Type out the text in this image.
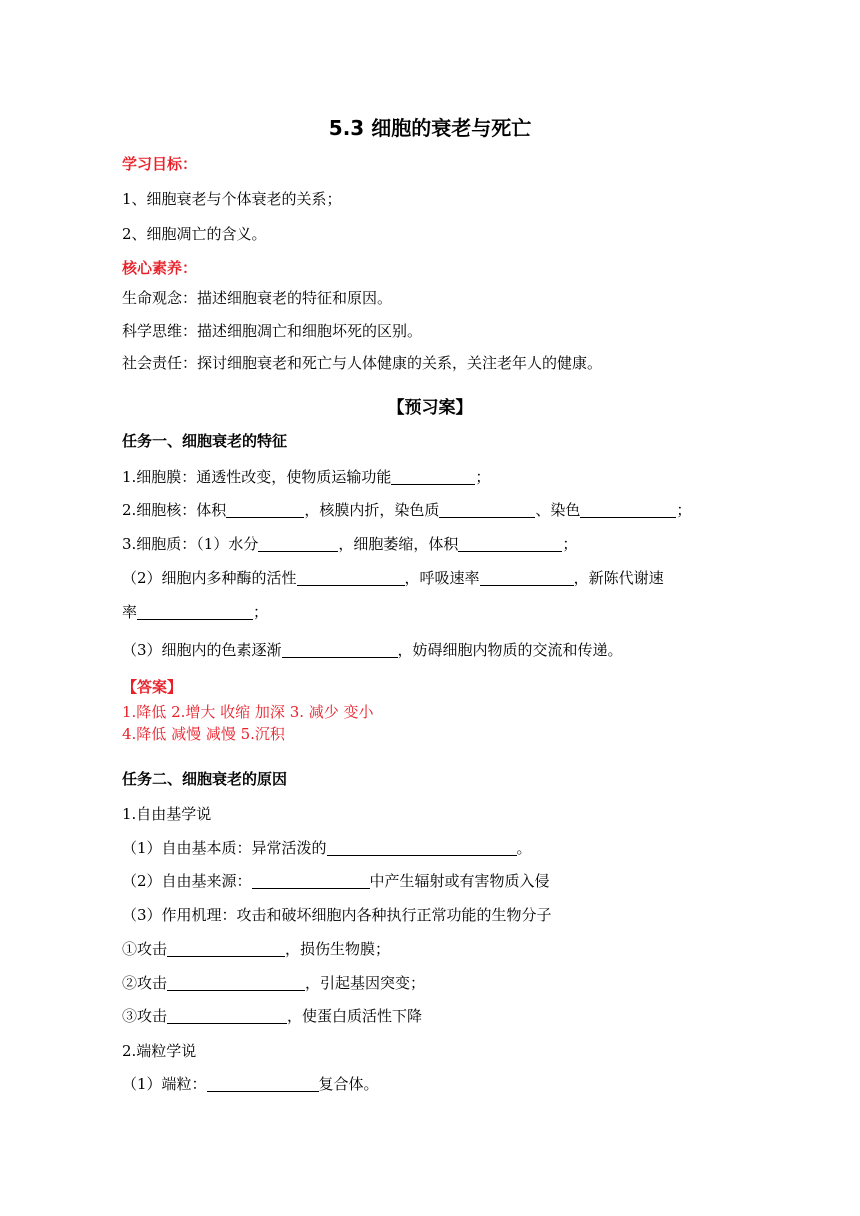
5.3 细胞的衰老与死亡
学习目标：
1、细胞衰老与个体衰老的关系；
2、细胞凋亡的含义。
核心素养：
生命观念：描述细胞衰老的特征和原因。
科学思维：描述细胞凋亡和细胞坏死的区别。
社会责任：探讨细胞衰老和死亡与人体健康的关系，关注老年人的健康。
【预习案】
任务一、细胞衰老的特征
1.细胞膜：通透性改变，使物质运输功能	；
2.细胞核：体积	，核膜内折，染色质	、染色	；
3.细胞质：（1）水分	，细胞萎缩，体积	；
（2）细胞内多种酶的活性	，呼吸速率	，新陈代谢速
率	；
（3）细胞内的色素逐渐	，妨碍细胞内物质的交流和传递。
【答案】
1.降低 2.增大 收缩 加深 3. 减少 变小
4.降低 减慢 减慢 5.沉积
任务二、细胞衰老的原因
1.自由基学说
（1）自由基本质：异常活泼的	。
（2）自由基来源：	中产生辐射或有害物质入侵
（3）作用机理：攻击和破坏细胞内各种执行正常功能的生物分子
①攻击	，损伤生物膜；
②攻击	，引起基因突变；
③攻击	，使蛋白质活性下降
2.端粒学说
（1）端粒：	复合体。
